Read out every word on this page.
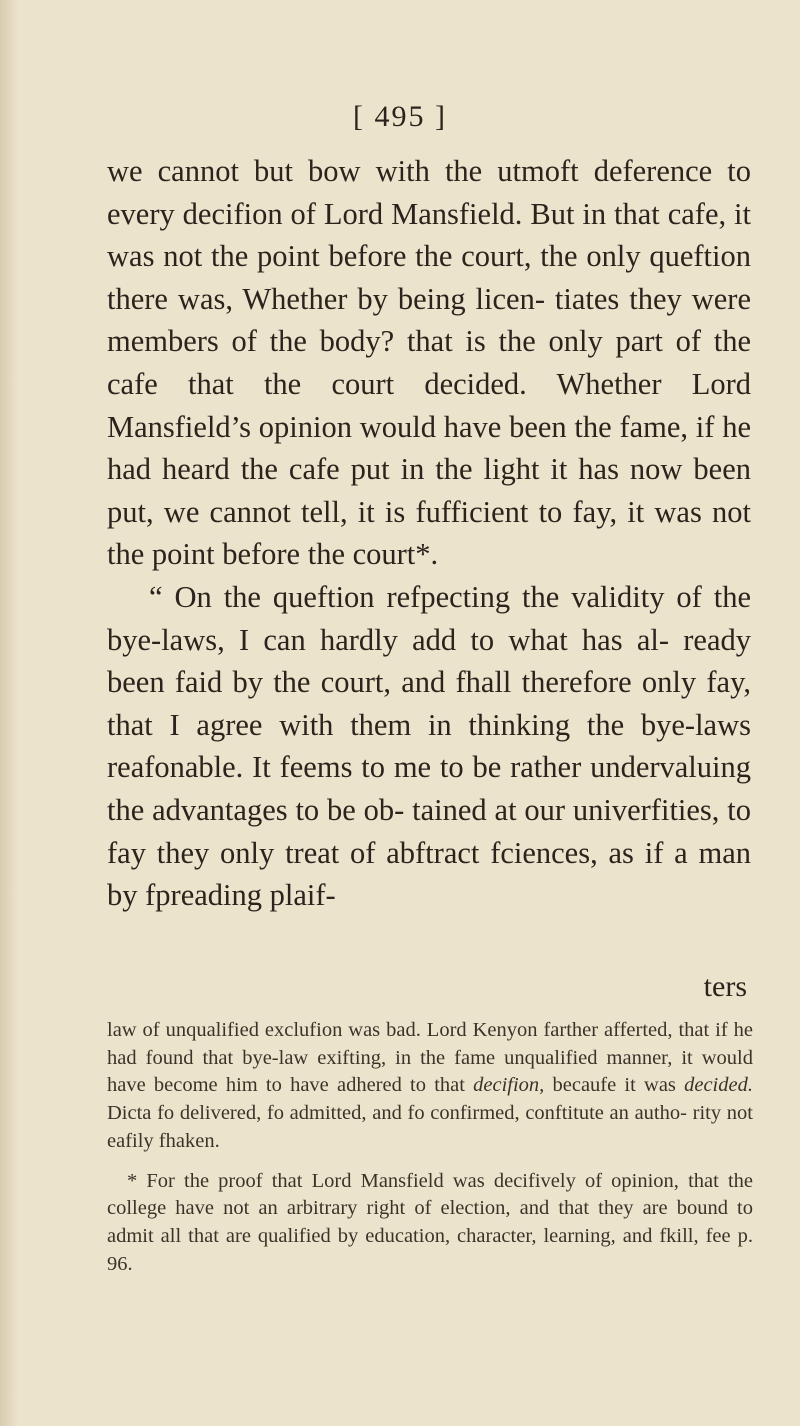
[ 495 ]

we cannot but bow with the utmoft deference to every decifion of Lord Mansfield. But in that cafe, it was not the point before the court, the only queftion there was, Whether by being licen- tiates they were members of the body? that is the only part of the cafe that the court decided. Whether Lord Mansfield’s opinion would have been the fame, if he had heard the cafe put in the light it has now been put, we cannot tell, it is fufficient to fay, it was not the point before the court*.

“ On the queftion refpecting the validity of the bye-laws, I can hardly add to what has al- ready been faid by the court, and fhall therefore only fay, that I agree with them in thinking the bye-laws reafonable. It feems to me to be rather undervaluing the advantages to be ob- tained at our univerfities, to fay they only treat of abftract fciences, as if a man by fpreading plaif-

ters

law of unqualified exclufion was bad. Lord Kenyon farther afferted, that if he had found that bye-law exifting, in the fame unqualified manner, it would have become him to have adhered to that decifion, becaufe it was decided. Dicta fo delivered, fo admitted, and fo confirmed, conftitute an autho- rity not eafily fhaken.

* For the proof that Lord Mansfield was decifively of opinion, that the college have not an arbitrary right of election, and that they are bound to admit all that are qualified by education, character, learning, and fkill, fee p. 96.
